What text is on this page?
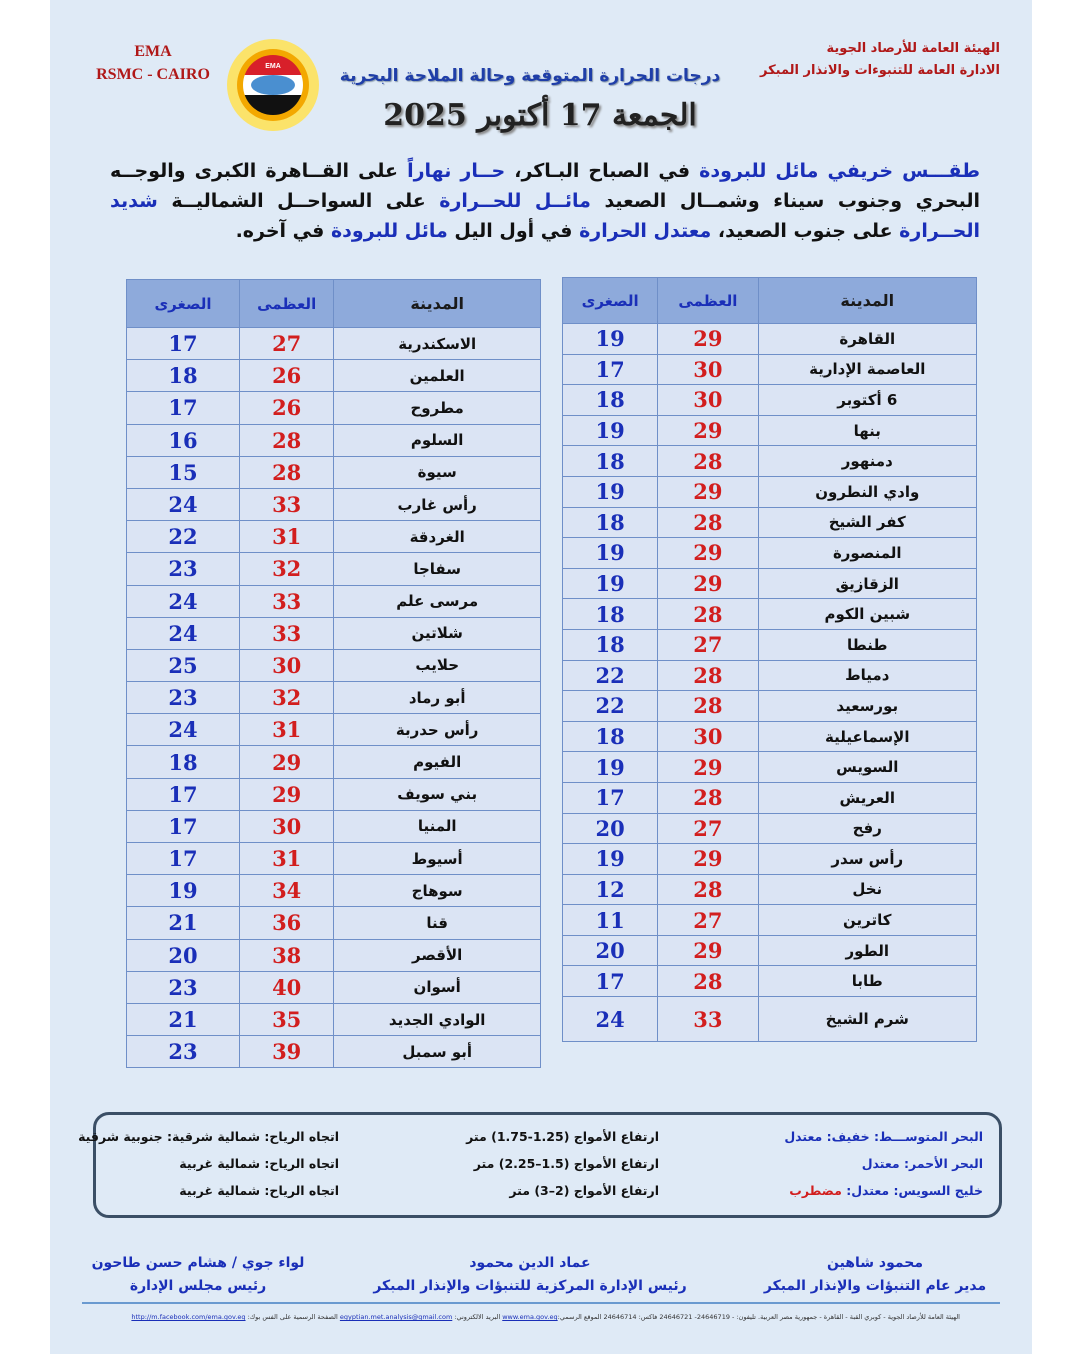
EMA
RSMC - CAIRO	EMA
الهيئة العامة للأرصاد الجوية
الادارة العامة للتنبوءات والانذار المبكر
درجات الحرارة المتوقعة وحالة الملاحة البحرية
الجمعة 17 أكتوبر 2025
طقـــس خريفي مائل للبرودة في الصباح البـاكر، حــار نهاراً على القــاهرة الكبرى والوجــه البحري وجنوب سيناء وشمــال الصعيد مائــل للحــرارة على السواحــل الشماليــة شديد الحــرارة على جنوب الصعيد، معتدل الحرارة في أول اليل مائل للبرودة في آخره.
المدينة	العظمى	الصغرى
القاهرة	29	19
العاصمة الإدارية	30	17
6 أكتوبر	30	18
بنها	29	19
دمنهور	28	18
وادي النطرون	29	19
كفر الشيخ	28	18
المنصورة	29	19
الزقازيق	29	19
شبين الكوم	28	18
طنطا	27	18
دمياط	28	22
بورسعيد	28	22
الإسماعيلية	30	18
السويس	29	19
العريش	28	17
رفح	27	20
رأس سدر	29	19
نخل	28	12
كاترين	27	11
الطور	29	20
طابا	28	17
شرم الشيخ	33	24
المدينة	العظمى	الصغرى
الاسكندرية	27	17
العلمين	26	18
مطروح	26	17
السلوم	28	16
سيوة	28	15
رأس غارب	33	24
الغردقة	31	22
سفاجا	32	23
مرسى علم	33	24
شلاتين	33	24
حلايب	30	25
أبو رماد	32	23
رأس حدربة	31	24
الفيوم	29	18
بني سويف	29	17
المنيا	30	17
أسيوط	31	17
سوهاج	34	19
قنا	36	21
الأقصر	38	20
أسوان	40	23
الوادي الجديد	35	21
أبو سمبل	39	23
البحر المتوســـط: خفيف: معتدل
ارتفاع الأمواج (1.25-1.75) متر
اتجاه الرياح: شمالية شرقية: جنوبية شرقية
البحر الأحمر: معتدل
ارتفاع الأمواج (1.5–2.25) متر
اتجاه الرياح: شمالية غربية
خليج السويس: معتدل: مضطرب
ارتفاع الأمواج (2–3) متر
اتجاه الرياح: شمالية غربية
محمود شاهين
مدير عام التنبؤات والإنذار المبكر
عماد الدين محمود
رئيس الإدارة المركزية للتنبؤات والإنذار المبكر
لواء جوي / هشام حسن طاحون
رئيس مجلس الإدارة
الهيئة العامة للأرصاد الجوية - كوبري القبة - القاهرة - جمهورية مصر العربية. تليفون: - 24646719- 24646721 فاكس: 24646714 الموقع الرسمي:www.ema.gov.eg البريد الالكتروني: egyptian.met.analysis@gmail.com الصفحة الرسمية على الفس بوك: http://m.facebook.com/ema.gov.eg
